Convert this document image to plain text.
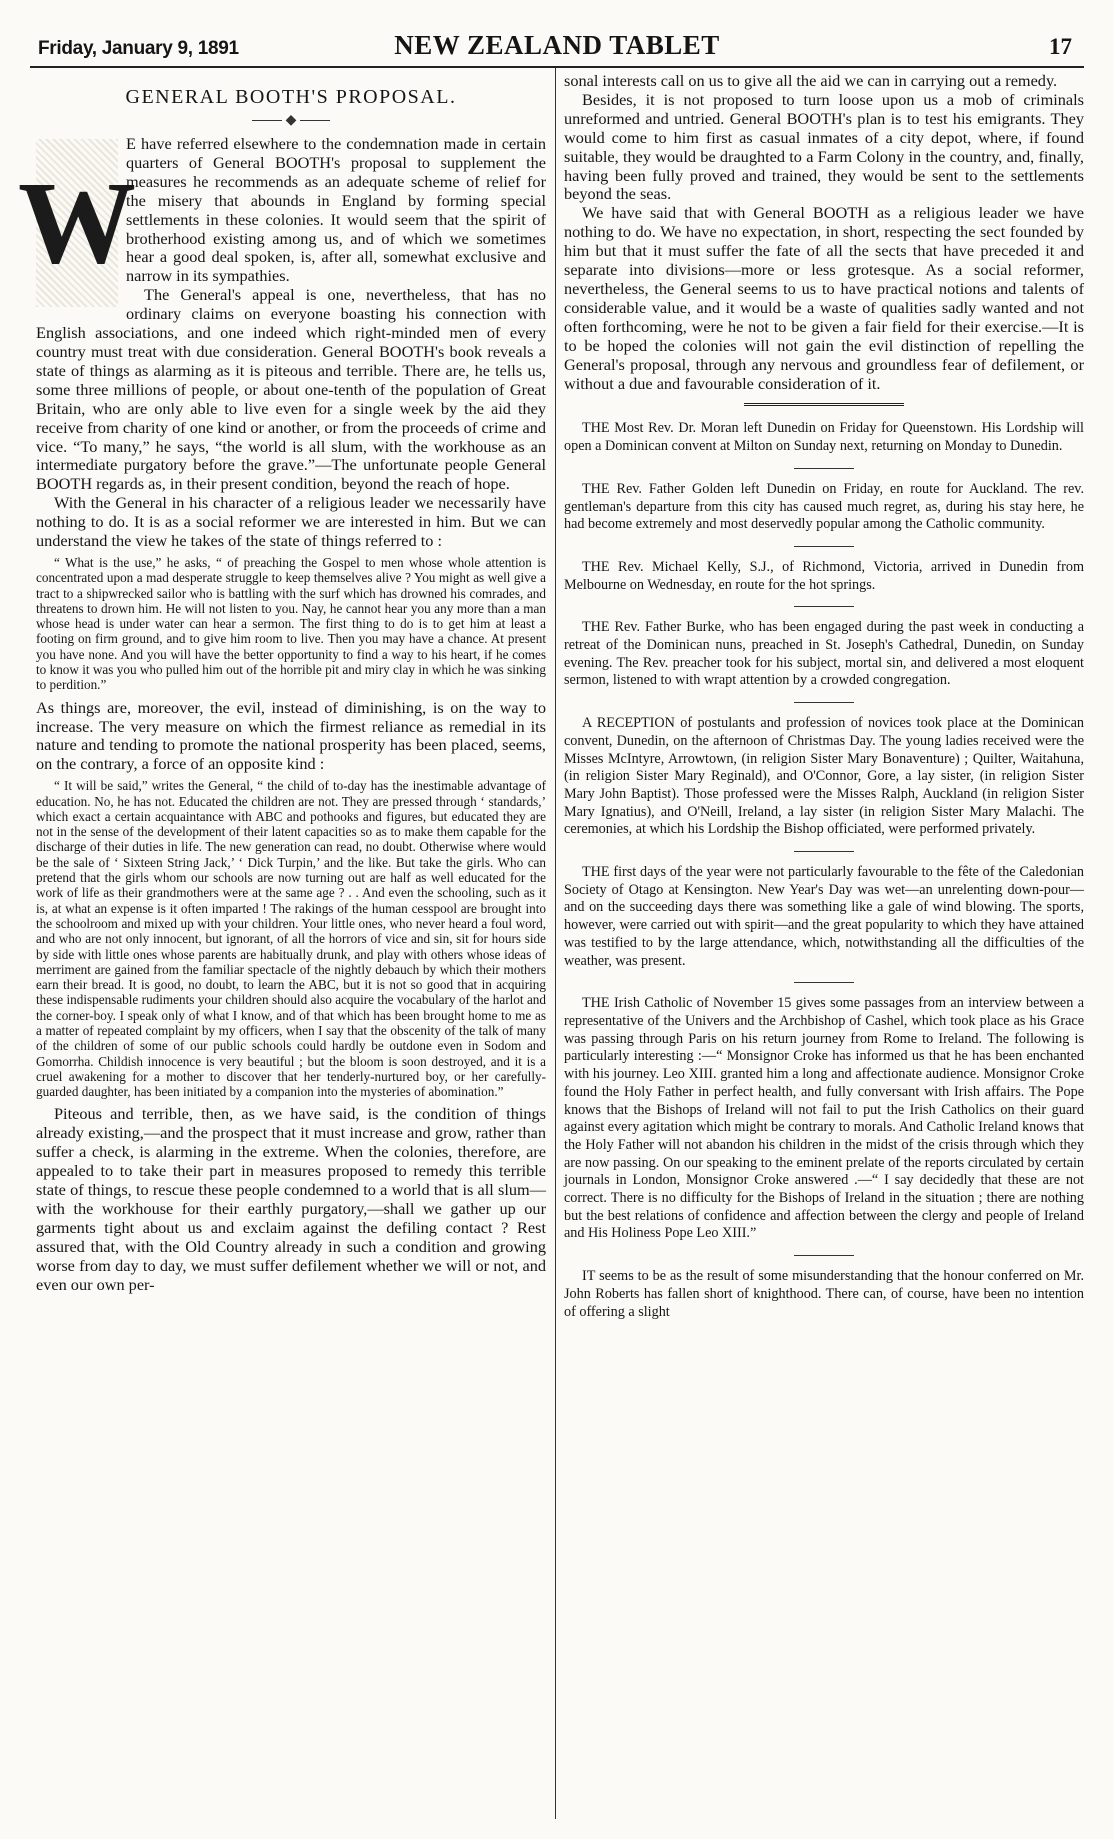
Friday, January 9, 1891	NEW ZEALAND TABLET	17
GENERAL BOOTH'S PROPOSAL.
◆
W

E have referred elsewhere to the condemnation made in certain quarters of General BOOTH's proposal to supplement the measures he recommends as an adequate scheme of relief for the misery that abounds in England by forming special settlements in these colonies. It would seem that the spirit of brotherhood existing among us, and of which we sometimes hear a good deal spoken, is, after all, somewhat exclusive and narrow in its sympathies.

The General's appeal is one, nevertheless, that has no ordinary claims on everyone boasting his connection with English associations, and one indeed which right-minded men of every country must treat with due consideration. General BOOTH's book reveals a state of things as alarming as it is piteous and terrible. There are, he tells us, some three millions of people, or about one-tenth of the population of Great Britain, who are only able to live even for a single week by the aid they receive from charity of one kind or another, or from the proceeds of crime and vice. “To many,” he says, “the world is all slum, with the workhouse as an intermediate purgatory before the grave.”—The unfortunate people General BOOTH regards as, in their present condition, beyond the reach of hope.

With the General in his character of a religious leader we necessarily have nothing to do. It is as a social reformer we are interested in him. But we can understand the view he takes of the state of things referred to :

“ What is the use,” he asks, “ of preaching the Gospel to men whose whole attention is concentrated upon a mad desperate struggle to keep themselves alive ? You might as well give a tract to a shipwrecked sailor who is battling with the surf which has drowned his comrades, and threatens to drown him. He will not listen to you. Nay, he cannot hear you any more than a man whose head is under water can hear a sermon. The first thing to do is to get him at least a footing on firm ground, and to give him room to live. Then you may have a chance. At present you have none. And you will have the better opportunity to find a way to his heart, if he comes to know it was you who pulled him out of the horrible pit and miry clay in which he was sinking to perdition.”

As things are, moreover, the evil, instead of diminishing, is on the way to increase. The very measure on which the firmest reliance as remedial in its nature and tending to promote the national prosperity has been placed, seems, on the contrary, a force of an opposite kind :

“ It will be said,” writes the General, “ the child of to-day has the inestimable advantage of education. No, he has not. Educated the children are not. They are pressed through ‘ standards,’ which exact a certain acquaintance with ABC and pothooks and figures, but educated they are not in the sense of the development of their latent capacities so as to make them capable for the discharge of their duties in life. The new generation can read, no doubt. Otherwise where would be the sale of ‘ Sixteen String Jack,’ ‘ Dick Turpin,’ and the like. But take the girls. Who can pretend that the girls whom our schools are now turning out are half as well educated for the work of life as their grandmothers were at the same age ? . . And even the schooling, such as it is, at what an expense is it often imparted ! The rakings of the human cesspool are brought into the schoolroom and mixed up with your children. Your little ones, who never heard a foul word, and who are not only innocent, but ignorant, of all the horrors of vice and sin, sit for hours side by side with little ones whose parents are habitually drunk, and play with others whose ideas of merriment are gained from the familiar spectacle of the nightly debauch by which their mothers earn their bread. It is good, no doubt, to learn the ABC, but it is not so good that in acquiring these indispensable rudiments your children should also acquire the vocabulary of the harlot and the corner-boy. I speak only of what I know, and of that which has been brought home to me as a matter of repeated complaint by my officers, when I say that the obscenity of the talk of many of the children of some of our public schools could hardly be outdone even in Sodom and Gomorrha. Childish innocence is very beautiful ; but the bloom is soon destroyed, and it is a cruel awakening for a mother to discover that her tenderly-nurtured boy, or her carefully-guarded daughter, has been initiated by a companion into the mysteries of abomination.”

Piteous and terrible, then, as we have said, is the condition of things already existing,—and the prospect that it must increase and grow, rather than suffer a check, is alarming in the extreme. When the colonies, therefore, are appealed to to take their part in measures proposed to remedy this terrible state of things, to rescue these people condemned to a world that is all slum—with the workhouse for their earthly purgatory,—shall we gather up our garments tight about us and exclaim against the defiling contact ? Rest assured that, with the Old Country already in such a condition and growing worse from day to day, we must suffer defilement whether we will or not, and even our own per-

sonal interests call on us to give all the aid we can in carrying out a remedy.

Besides, it is not proposed to turn loose upon us a mob of criminals unreformed and untried. General BOOTH's plan is to test his emigrants. They would come to him first as casual inmates of a city depot, where, if found suitable, they would be draughted to a Farm Colony in the country, and, finally, having been fully proved and trained, they would be sent to the settlements beyond the seas.

We have said that with General BOOTH as a religious leader we have nothing to do. We have no expectation, in short, respecting the sect founded by him but that it must suffer the fate of all the sects that have preceded it and separate into divisions—more or less grotesque. As a social reformer, nevertheless, the General seems to us to have practical notions and talents of considerable value, and it would be a waste of qualities sadly wanted and not often forthcoming, were he not to be given a fair field for their exercise.—It is to be hoped the colonies will not gain the evil distinction of repelling the General's proposal, through any nervous and groundless fear of defilement, or without a due and favourable consideration of it.

THE Most Rev. Dr. Moran left Dunedin on Friday for Queenstown. His Lordship will open a Dominican convent at Milton on Sunday next, returning on Monday to Dunedin.

THE Rev. Father Golden left Dunedin on Friday, en route for Auckland. The rev. gentleman's departure from this city has caused much regret, as, during his stay here, he had become extremely and most deservedly popular among the Catholic community.

THE Rev. Michael Kelly, S.J., of Richmond, Victoria, arrived in Dunedin from Melbourne on Wednesday, en route for the hot springs.

THE Rev. Father Burke, who has been engaged during the past week in conducting a retreat of the Dominican nuns, preached in St. Joseph's Cathedral, Dunedin, on Sunday evening. The Rev. preacher took for his subject, mortal sin, and delivered a most eloquent sermon, listened to with wrapt attention by a crowded congregation.

A RECEPTION of postulants and profession of novices took place at the Dominican convent, Dunedin, on the afternoon of Christmas Day. The young ladies received were the Misses McIntyre, Arrowtown, (in religion Sister Mary Bonaventure) ; Quilter, Waitahuna, (in religion Sister Mary Reginald), and O'Connor, Gore, a lay sister, (in religion Sister Mary John Baptist). Those professed were the Misses Ralph, Auckland (in religion Sister Mary Ignatius), and O'Neill, Ireland, a lay sister (in religion Sister Mary Malachi. The ceremonies, at which his Lordship the Bishop officiated, were performed privately.

THE first days of the year were not particularly favourable to the fête of the Caledonian Society of Otago at Kensington. New Year's Day was wet—an unrelenting down-pour—and on the succeeding days there was something like a gale of wind blowing. The sports, however, were carried out with spirit—and the great popularity to which they have attained was testified to by the large attendance, which, notwithstanding all the difficulties of the weather, was present.

THE Irish Catholic of November 15 gives some passages from an interview between a representative of the Univers and the Archbishop of Cashel, which took place as his Grace was passing through Paris on his return journey from Rome to Ireland. The following is particularly interesting :—“ Monsignor Croke has informed us that he has been enchanted with his journey. Leo XIII. granted him a long and affectionate audience. Monsignor Croke found the Holy Father in perfect health, and fully conversant with Irish affairs. The Pope knows that the Bishops of Ireland will not fail to put the Irish Catholics on their guard against every agitation which might be contrary to morals. And Catholic Ireland knows that the Holy Father will not abandon his children in the midst of the crisis through which they are now passing. On our speaking to the eminent prelate of the reports circulated by certain journals in London, Monsignor Croke answered .—“ I say decidedly that these are not correct. There is no difficulty for the Bishops of Ireland in the situation ; there are nothing but the best relations of confidence and affection between the clergy and people of Ireland and His Holiness Pope Leo XIII.”

IT seems to be as the result of some misunderstanding that the honour conferred on Mr. John Roberts has fallen short of knighthood. There can, of course, have been no intention of offering a slight
